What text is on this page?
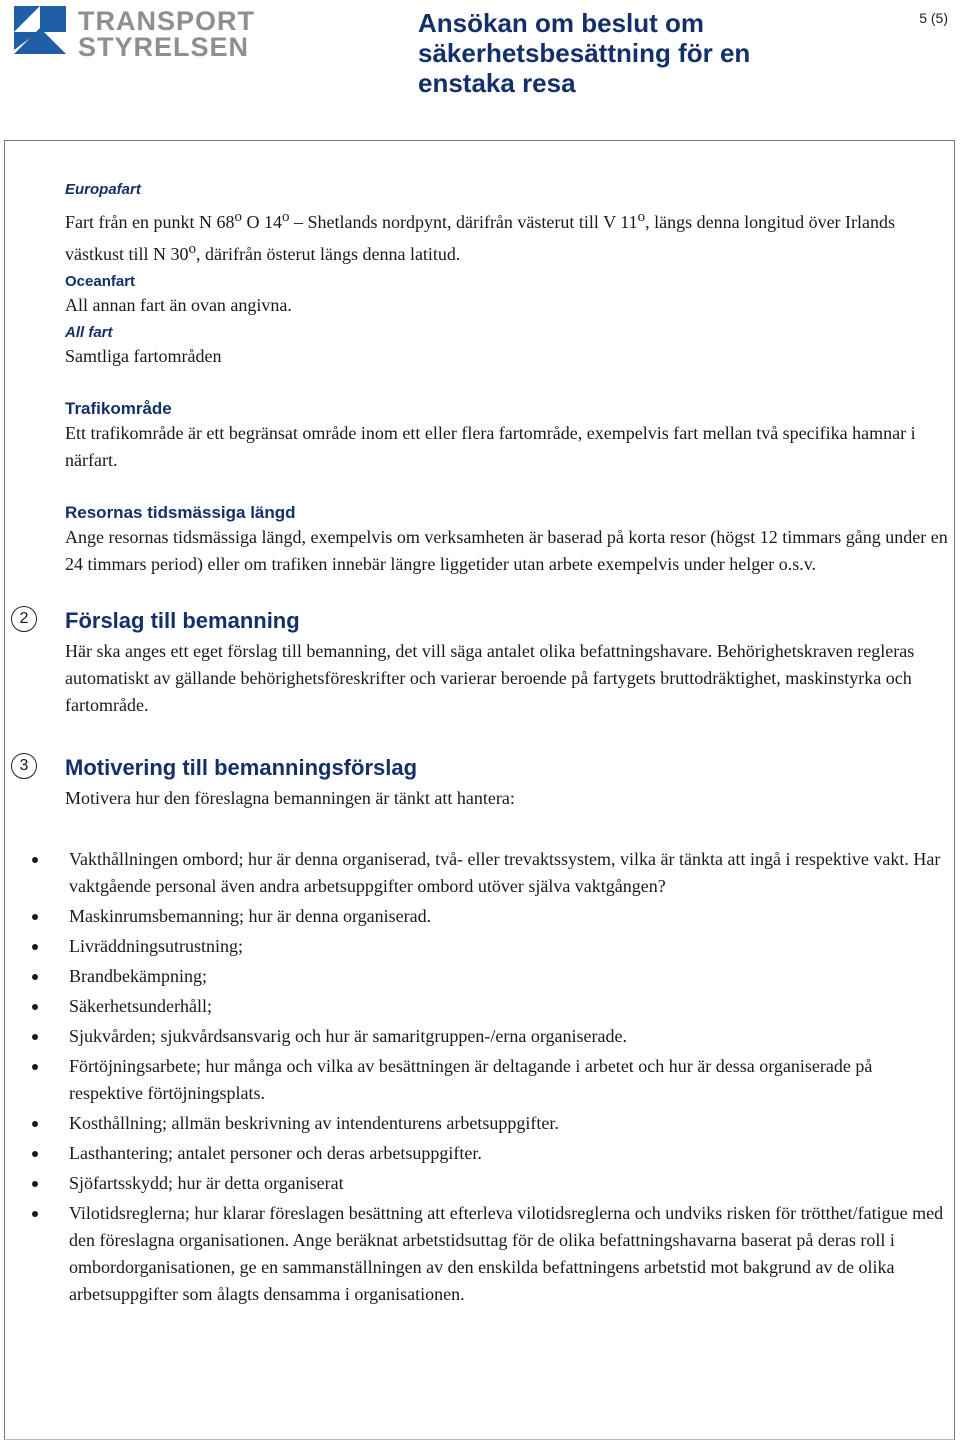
TRANSPORT
STYRELSEN
Ansökan om beslut om säkerhetsbesättning för en enstaka resa
5 (5)
Europafart

Fart från en punkt N 68$^o$ O 14$^o$ – Shetlands nordpynt, därifrån västerut till V 11$^o$, längs denna longitud över Irlands västkust till N 30$^o$, därifrån österut längs denna latitud.

Oceanfart

All annan fart än ovan angivna.

All fart

Samtliga fartområden

Trafikområde

Ett trafikområde är ett begränsat område inom ett eller flera fartområde, exempelvis fart mellan två specifika hamnar i närfart.

Resornas tidsmässiga längd

Ange resornas tidsmässiga längd, exempelvis om verksamheten är baserad på korta resor (högst 12 timmars gång under en 24 timmars period) eller om trafiken innebär längre liggetider utan arbete exempelvis under helger o.s.v.

2	Förslag till bemanning

Här ska anges ett eget förslag till bemanning, det vill säga antalet olika befattningshavare. Behörighetskraven regleras automatiskt av gällande behörighetsföreskrifter och varierar beroende på fartygets bruttodräktighet, maskinstyrka och fartområde.

3	Motivering till bemanningsförslag

Motivera hur den föreslagna bemanningen är tänkt att hantera:

Vakthållningen ombord; hur är denna organiserad, två- eller trevaktssystem, vilka är tänkta att ingå i respektive vakt. Har vaktgående personal även andra arbetsuppgifter ombord utöver själva vaktgången?
Maskinrumsbemanning; hur är denna organiserad.
Livräddningsutrustning;
Brandbekämpning;
Säkerhetsunderhåll;
Sjukvården; sjukvårdsansvarig och hur är samaritgruppen-/erna organiserade.
Förtöjningsarbete; hur många och vilka av besättningen är deltagande i arbetet och hur är dessa organiserade på respektive förtöjningsplats.
Kosthållning; allmän beskrivning av intendenturens arbetsuppgifter.
Lasthantering; antalet personer och deras arbetsuppgifter.
Sjöfartsskydd; hur är detta organiserat
Vilotidsreglerna; hur klarar föreslagen besättning att efterleva vilotidsreglerna och undviks risken för trötthet/fatigue med den föreslagna organisationen. Ange beräknat arbetstidsuttag för de olika befattningshavarna baserat på deras roll i ombordorganisationen, ge en sammanställningen av den enskilda befattningens arbetstid mot bakgrund av de olika arbetsuppgifter som ålagts densamma i organisationen.
